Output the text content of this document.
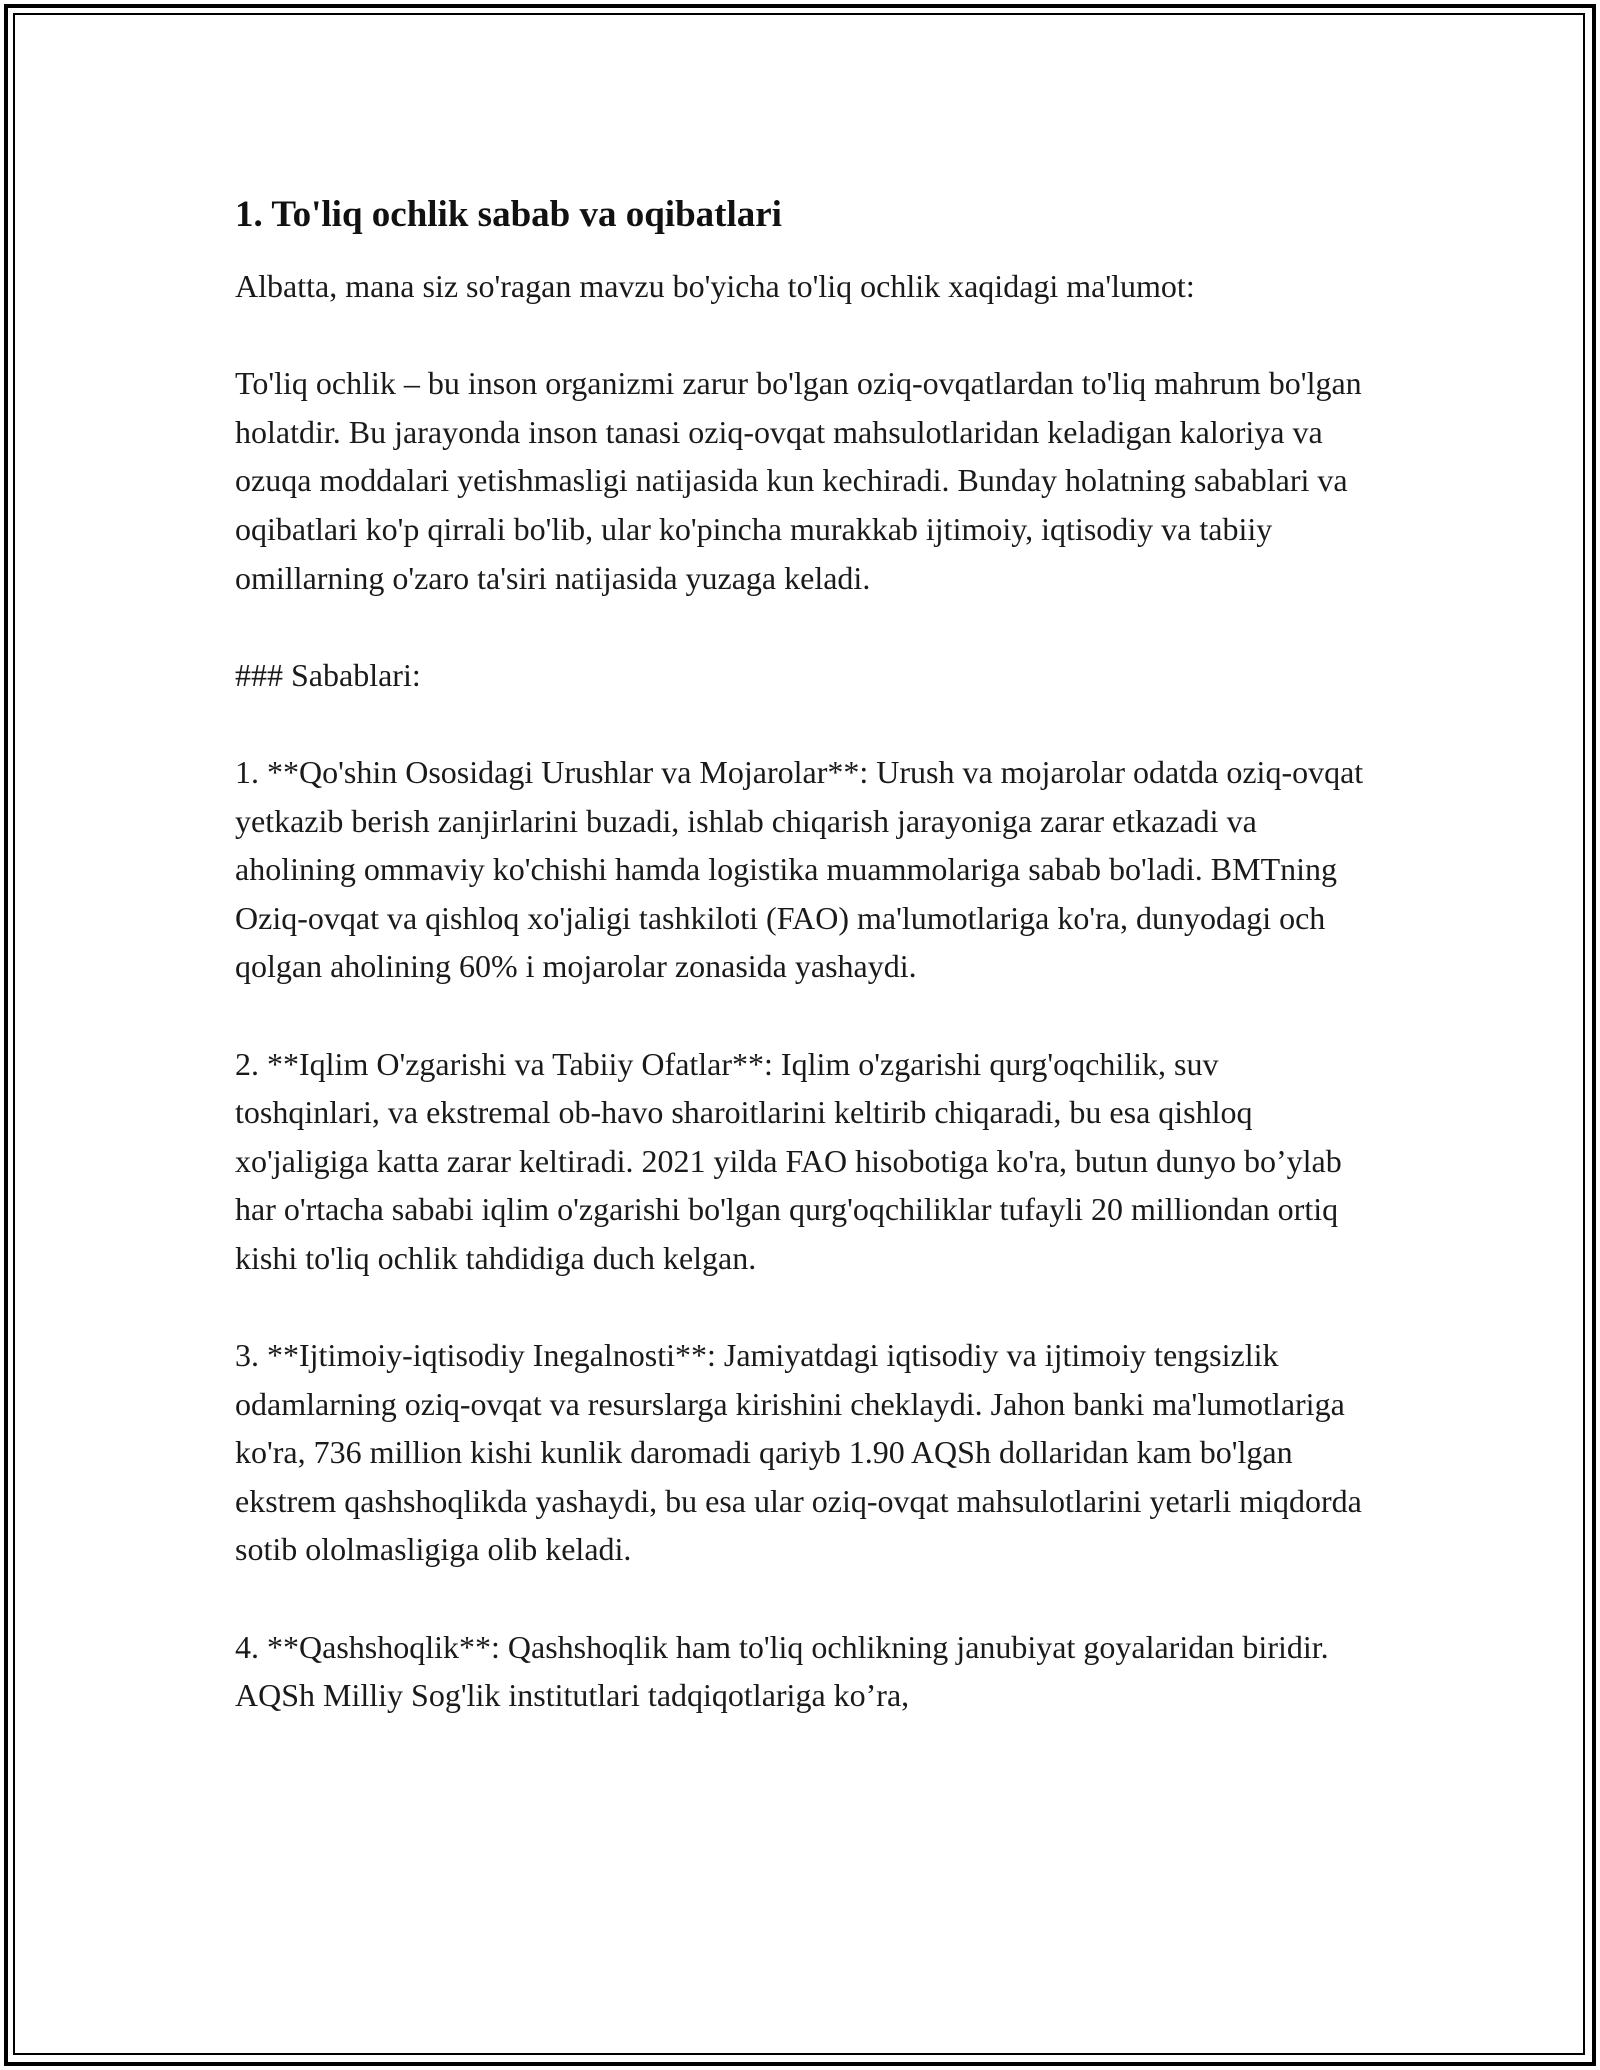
1. To'liq ochlik sabab va oqibatlari

Albatta, mana siz so'ragan mavzu bo'yicha to'liq ochlik xaqidagi ma'lumot:

To'liq ochlik – bu inson organizmi zarur bo'lgan oziq-ovqatlardan to'liq mahrum bo'lgan holatdir. Bu jarayonda inson tanasi oziq-ovqat mahsulotlaridan keladigan kaloriya va ozuqa moddalari yetishmasligi natijasida kun kechiradi. Bunday holatning sabablari va oqibatlari ko'p qirrali bo'lib, ular ko'pincha murakkab ijtimoiy, iqtisodiy va tabiiy omillarning o'zaro ta'siri natijasida yuzaga keladi.

### Sabablari:

1. **Qo'shin Ososidagi Urushlar va Mojarolar**: Urush va mojarolar odatda oziq-ovqat yetkazib berish zanjirlarini buzadi, ishlab chiqarish jarayoniga zarar etkazadi va aholining ommaviy ko'chishi hamda logistika muammolariga sabab bo'ladi. BMTning Oziq-ovqat va qishloq xo'jaligi tashkiloti (FAO) ma'lumotlariga ko'ra, dunyodagi och qolgan aholining 60% i mojarolar zonasida yashaydi.

2. **Iqlim O'zgarishi va Tabiiy Ofatlar**: Iqlim o'zgarishi qurg'oqchilik, suv toshqinlari, va ekstremal ob-havo sharoitlarini keltirib chiqaradi, bu esa qishloq xo'jaligiga katta zarar keltiradi. 2021 yilda FAO hisobotiga ko'ra, butun dunyo bo’ylab har o'rtacha sababi iqlim o'zgarishi bo'lgan qurg'oqchiliklar tufayli 20 milliondan ortiq kishi to'liq ochlik tahdidiga duch kelgan.

3. **Ijtimoiy-iqtisodiy Inegalnosti**: Jamiyatdagi iqtisodiy va ijtimoiy tengsizlik odamlarning oziq-ovqat va resurslarga kirishini cheklaydi. Jahon banki ma'lumotlariga ko'ra, 736 million kishi kunlik daromadi qariyb 1.90 AQSh dollaridan kam bo'lgan ekstrem qashshoqlikda yashaydi, bu esa ular oziq-ovqat mahsulotlarini yetarli miqdorda sotib ololmasligiga olib keladi.

4. **Qashshoqlik**: Qashshoqlik ham to'liq ochlikning janubiyat goyalaridan biridir. AQSh Milliy Sog'lik institutlari tadqiqotlariga ko’ra,
